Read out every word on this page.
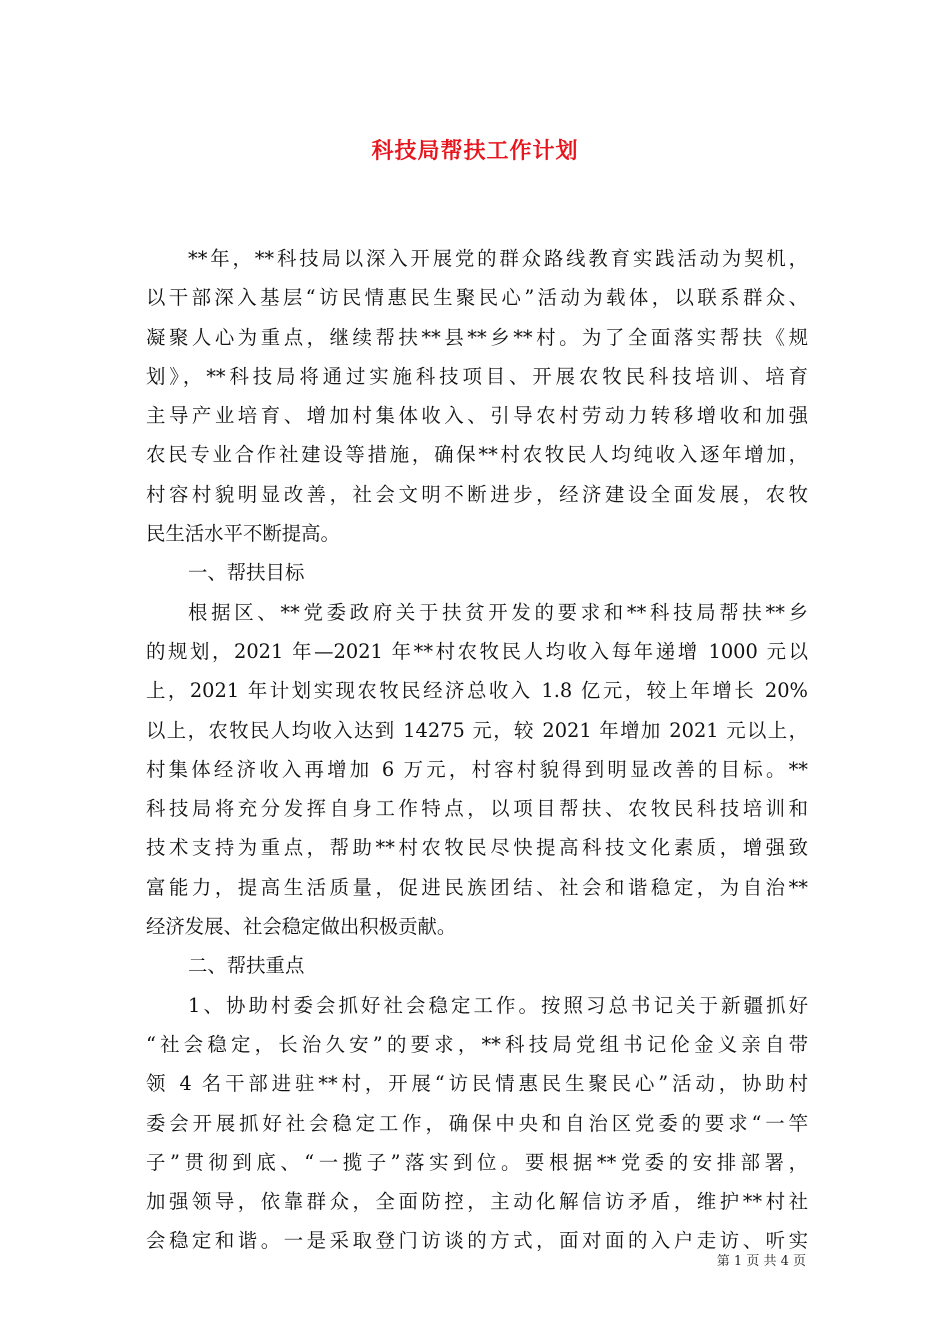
科技局帮扶工作计划
**年，**科技局以深入开展党的群众路线教育实践活动为契机，
以干部深入基层“访民情惠民生聚民心”活动为载体，以联系群众、
凝聚人心为重点，继续帮扶**县**乡**村。为了全面落实帮扶《规
划》，**科技局将通过实施科技项目、开展农牧民科技培训、培育
主导产业培育、增加村集体收入、引导农村劳动力转移增收和加强
农民专业合作社建设等措施，确保**村农牧民人均纯收入逐年增加，
村容村貌明显改善，社会文明不断进步，经济建设全面发展，农牧
民生活水平不断提高。
一、帮扶目标
根据区、**党委政府关于扶贫开发的要求和**科技局帮扶**乡
的规划，2021 年—2021 年**村农牧民人均收入每年递增 1000 元以
上，2021 年计划实现农牧民经济总收入 1.8 亿元，较上年增长 20%
以上，农牧民人均收入达到 14275 元，较 2021 年增加 2021 元以上，
村集体经济收入再增加 6 万元，村容村貌得到明显改善的目标。**
科技局将充分发挥自身工作特点，以项目帮扶、农牧民科技培训和
技术支持为重点，帮助**村农牧民尽快提高科技文化素质，增强致
富能力，提高生活质量，促进民族团结、社会和谐稳定，为自治**
经济发展、社会稳定做出积极贡献。
二、帮扶重点
1、协助村委会抓好社会稳定工作。按照习总书记关于新疆抓好
“社会稳定，长治久安”的要求，**科技局党组书记伦金义亲自带
领 4 名干部进驻**村，开展“访民情惠民生聚民心”活动，协助村
委会开展抓好社会稳定工作，确保中央和自治区党委的要求“一竿
子”贯彻到底、“一揽子”落实到位。要根据**党委的安排部署，
加强领导，依靠群众，全面防控，主动化解信访矛盾，维护**村社
会稳定和谐。一是采取登门访谈的方式，面对面的入户走访、听实
第 1 页 共 4 页
